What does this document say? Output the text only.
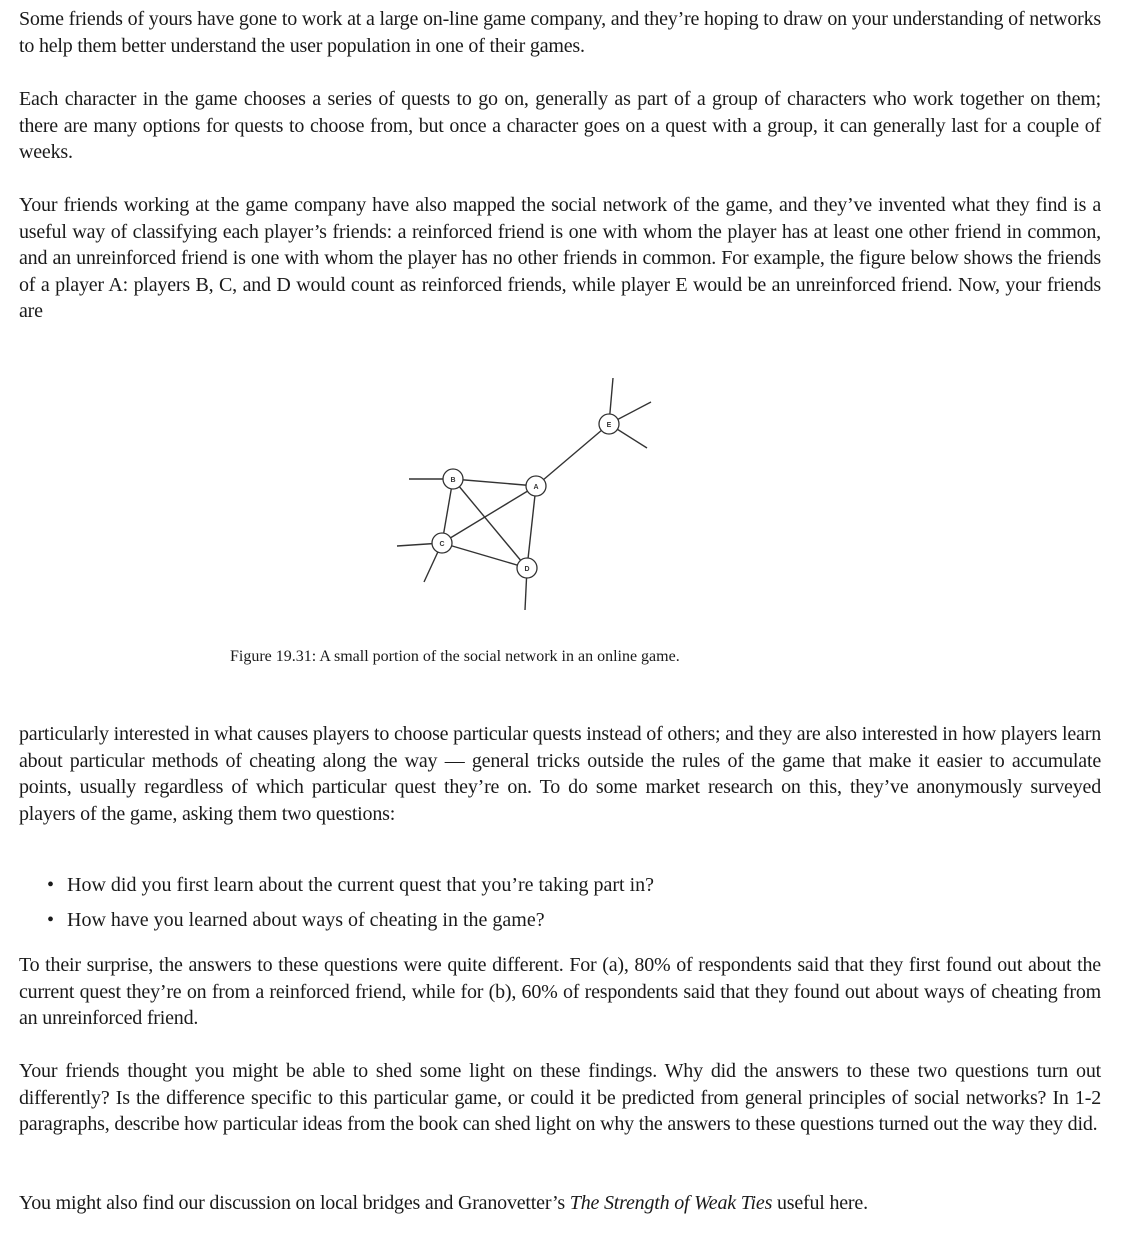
Some friends of yours have gone to work at a large on-line game company, and they’re hoping to draw on your understanding of networks to help them better understand the user population in one of their games.

Each character in the game chooses a series of quests to go on, generally as part of a group of characters who work together on them; there are many options for quests to choose from, but once a character goes on a quest with a group, it can generally last for a couple of weeks.

Your friends working at the game company have also mapped the social network of the game, and they’ve invented what they find is a useful way of classifying each player’s friends: a reinforced friend is one with whom the player has at least one other friend in common, and an unreinforced friend is one with whom the player has no other friends in common. For example, the figure below shows the friends of a player A: players B, C, and D would count as reinforced friends, while player E would be an unreinforced friend. Now, your friends are

B
A
C
D
E
Figure 19.31: A small portion of the social network in an online game.

particularly interested in what causes players to choose particular quests instead of others; and they are also interested in how players learn about particular methods of cheating along the way — general tricks outside the rules of the game that make it easier to accumulate points, usually regardless of which particular quest they’re on. To do some market research on this, they’ve anonymously surveyed players of the game, asking them two questions:

• How did you first learn about the current quest that you’re taking part in?
• How have you learned about ways of cheating in the game?

To their surprise, the answers to these questions were quite different. For (a), 80% of respondents said that they first found out about the current quest they’re on from a reinforced friend, while for (b), 60% of respondents said that they found out about ways of cheating from an unreinforced friend.

Your friends thought you might be able to shed some light on these findings. Why did the answers to these two questions turn out differently? Is the difference specific to this particular game, or could it be predicted from general principles of social networks? In 1-2 paragraphs, describe how particular ideas from the book can shed light on why the answers to these questions turned out the way they did.

You might also find our discussion on local bridges and Granovetter’s The Strength of Weak Ties useful here.
